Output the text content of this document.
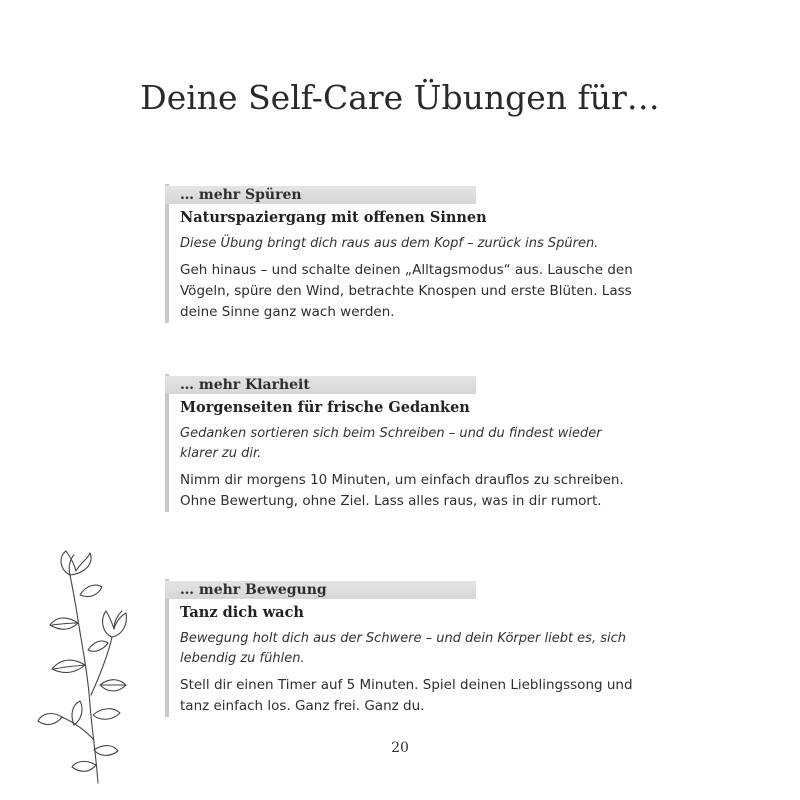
Deine Self-Care Übungen für…
… mehr Spüren
Naturspaziergang mit offenen Sinnen
Diese Übung bringt dich raus aus dem Kopf – zurück ins Spüren.
Geh hinaus – und schalte deinen „Alltagsmodus“ aus. Lausche den Vögeln, spüre den Wind, betrachte Knospen und erste Blüten. Lass deine Sinne ganz wach werden.
… mehr Klarheit
Morgenseiten für frische Gedanken
Gedanken sortieren sich beim Schreiben – und du findest wieder klarer zu dir.
Nimm dir morgens 10 Minuten, um einfach drauflos zu schreiben. Ohne Bewertung, ohne Ziel. Lass alles raus, was in dir rumort.
… mehr Bewegung
Tanz dich wach
Bewegung holt dich aus der Schwere – und dein Körper liebt es, sich lebendig zu fühlen.
Stell dir einen Timer auf 5 Minuten. Spiel deinen Lieblingssong und tanz einfach los. Ganz frei. Ganz du.
20
